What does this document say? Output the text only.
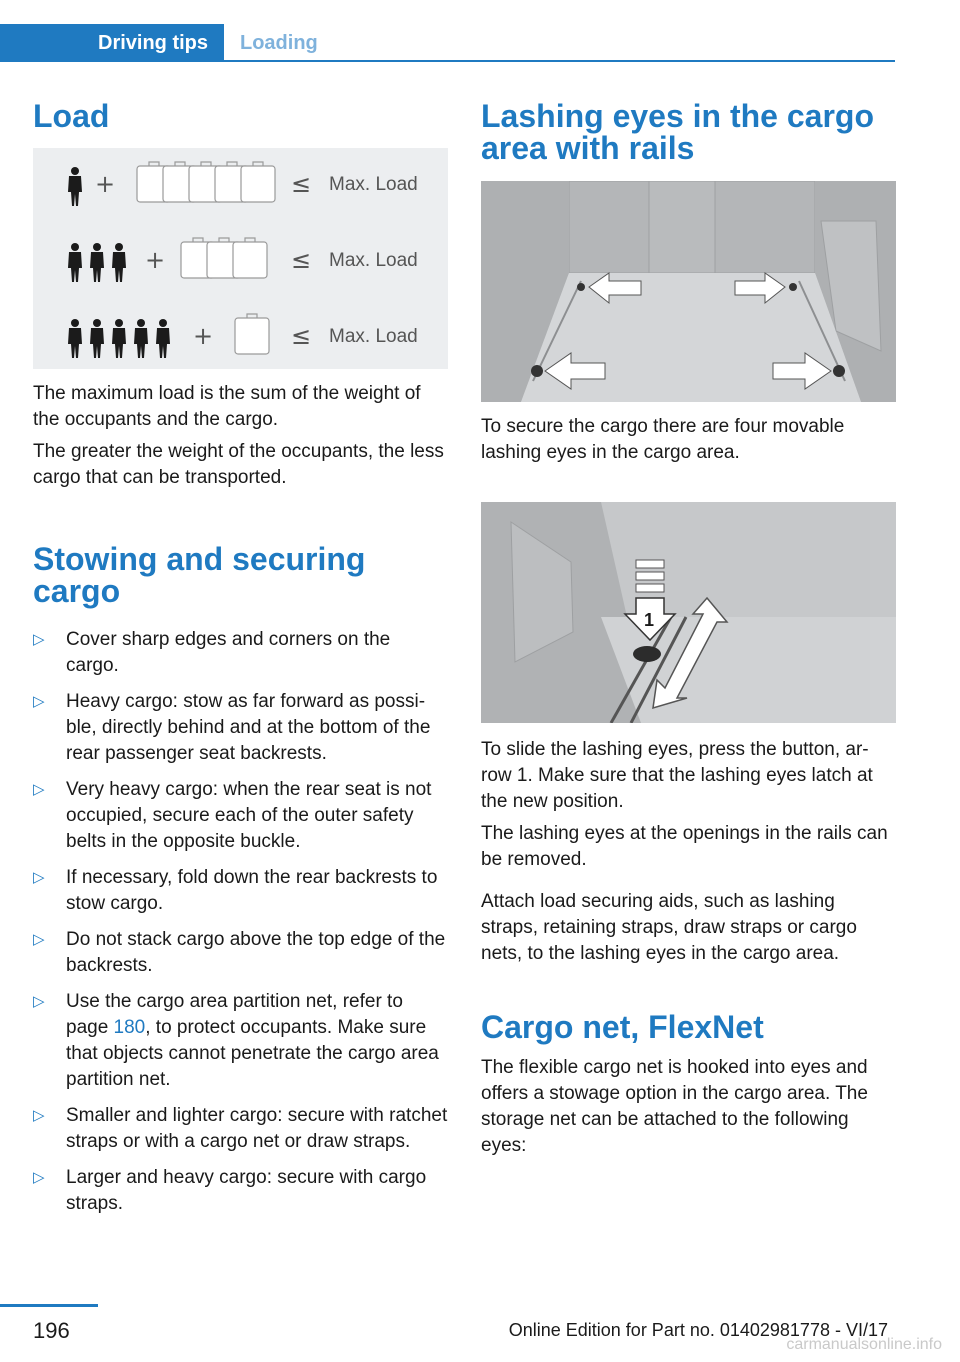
Driving tips	Loading
Load
+	≤ Max. Load
+	≤ Max. Load
+	≤ Max. Load

The maximum load is the sum of the weight of the occupants and the cargo.

The greater the weight of the occupants, the less cargo that can be transported.

Stowing and securing cargo
▷ Cover sharp edges and corners on the cargo.
▷ Heavy cargo: stow as far forward as possi‐ble, directly behind and at the bottom of the rear passenger seat backrests.
▷ Very heavy cargo: when the rear seat is not occupied, secure each of the outer safety belts in the opposite buckle.
▷ If necessary, fold down the rear backrests to stow cargo.
▷ Do not stack cargo above the top edge of the backrests.
▷ Use the cargo area partition net, refer to page 180, to protect occupants. Make sure that objects cannot penetrate the cargo area partition net.
▷ Smaller and lighter cargo: secure with ratchet straps or with a cargo net or draw straps.
▷ Larger and heavy cargo: secure with cargo straps.
Lashing eyes in the cargo
area with rails

To secure the cargo there are four movable lashing eyes in the cargo area.

1

To slide the lashing eyes, press the button, ar‐row 1. Make sure that the lashing eyes latch at the new position.

The lashing eyes at the openings in the rails can be removed.

Attach load securing aids, such as lashing straps, retaining straps, draw straps or cargo nets, to the lashing eyes in the cargo area.

Cargo net, FlexNet

The flexible cargo net is hooked into eyes and offers a stowage option in the cargo area. The storage net can be attached to the following eyes:

196	Online Edition for Part no. 01402981778 - VI/17
carmanualsonline.info
